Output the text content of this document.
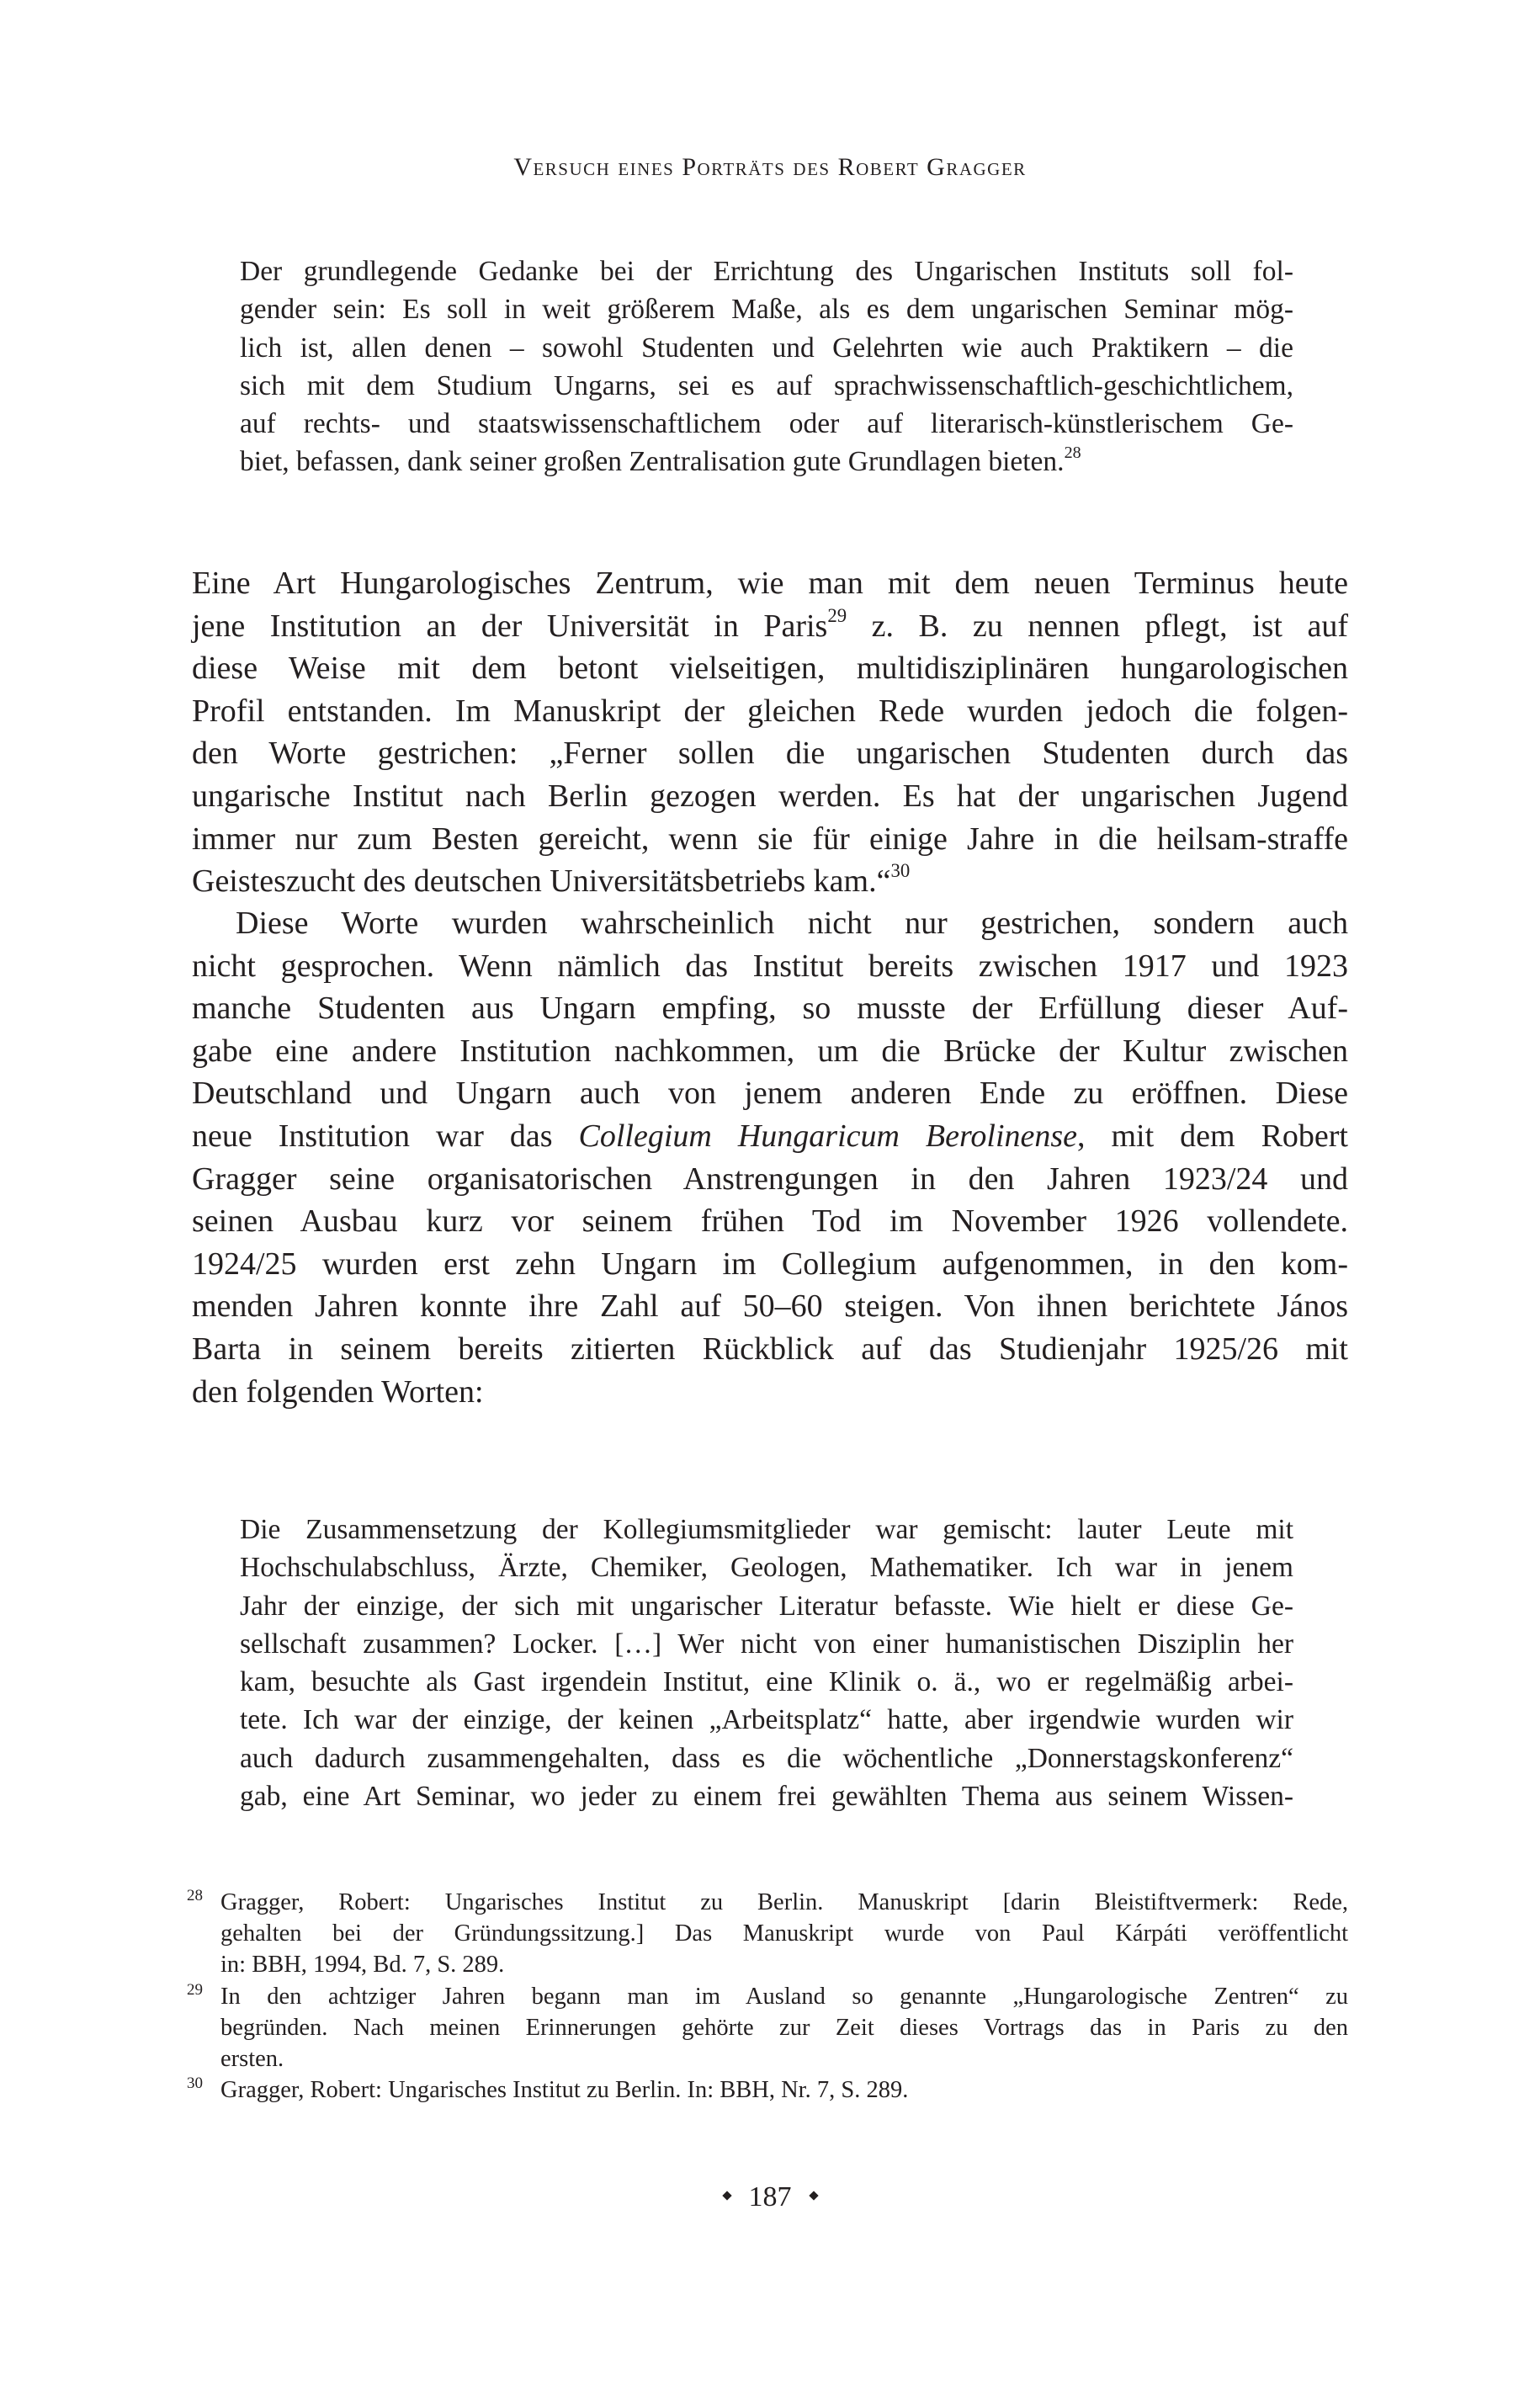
Versuch eines Porträts des Robert Gragger
Der grundlegende Gedanke bei der Errichtung des Ungarischen Instituts soll fol-
gender sein: Es soll in weit größerem Maße, als es dem ungarischen Seminar mög-
lich ist, allen denen – sowohl Studenten und Gelehrten wie auch Praktikern – die
sich mit dem Studium Ungarns, sei es auf sprachwissenschaftlich-geschichtlichem,
auf rechts- und staatswissenschaftlichem oder auf literarisch-künstlerischem Ge-
biet, befassen, dank seiner großen Zentralisation gute Grundlagen bieten.$^{28}$
Eine Art Hungarologisches Zentrum, wie man mit dem neuen Terminus heute
jene Institution an der Universität in Paris$^{29}$ z. B. zu nennen pflegt, ist auf
diese Weise mit dem betont vielseitigen, multidisziplinären hungarologischen
Profil entstanden. Im Manuskript der gleichen Rede wurden jedoch die folgen-
den Worte gestrichen: „Ferner sollen die ungarischen Studenten durch das
ungarische Institut nach Berlin gezogen werden. Es hat der ungarischen Jugend
immer nur zum Besten gereicht, wenn sie für einige Jahre in die heilsam-straffe
Geisteszucht des deutschen Universitätsbetriebs kam.“$^{30}$
Diese Worte wurden wahrscheinlich nicht nur gestrichen, sondern auch
nicht gesprochen. Wenn nämlich das Institut bereits zwischen 1917 und 1923
manche Studenten aus Ungarn empfing, so musste der Erfüllung dieser Auf-
gabe eine andere Institution nachkommen, um die Brücke der Kultur zwischen
Deutschland und Ungarn auch von jenem anderen Ende zu eröffnen. Diese
neue Institution war das Collegium Hungaricum Berolinense, mit dem Robert
Gragger seine organisatorischen Anstrengungen in den Jahren 1923/24 und
seinen Ausbau kurz vor seinem frühen Tod im November 1926 vollendete.
1924/25 wurden erst zehn Ungarn im Collegium aufgenommen, in den kom-
menden Jahren konnte ihre Zahl auf 50–60 steigen. Von ihnen berichtete János
Barta in seinem bereits zitierten Rückblick auf das Studienjahr 1925/26 mit
den folgenden Worten:
Die Zusammensetzung der Kollegiumsmitglieder war gemischt: lauter Leute mit
Hochschulabschluss, Ärzte, Chemiker, Geologen, Mathematiker. Ich war in jenem
Jahr der einzige, der sich mit ungarischer Literatur befasste. Wie hielt er diese Ge-
sellschaft zusammen? Locker. […] Wer nicht von einer humanistischen Disziplin her
kam, besuchte als Gast irgendein Institut, eine Klinik o. ä., wo er regelmäßig arbei-
tete. Ich war der einzige, der keinen „Arbeitsplatz“ hatte, aber irgendwie wurden wir
auch dadurch zusammengehalten, dass es die wöchentliche „Donnerstagskonferenz“
gab, eine Art Seminar, wo jeder zu einem frei gewählten Thema aus seinem Wissen-
28 Gragger, Robert: Ungarisches Institut zu Berlin. Manuskript [darin Bleistiftvermerk: Rede,
gehalten bei der Gründungssitzung.] Das Manuskript wurde von Paul Kárpáti veröffentlicht
in: BBH, 1994, Bd. 7, S. 289.
29 In den achtziger Jahren begann man im Ausland so genannte „Hungarologische Zentren“ zu
begründen. Nach meinen Erinnerungen gehörte zur Zeit dieses Vortrags das in Paris zu den
ersten.
30 Gragger, Robert: Ungarisches Institut zu Berlin. In: BBH, Nr. 7, S. 289.
187
